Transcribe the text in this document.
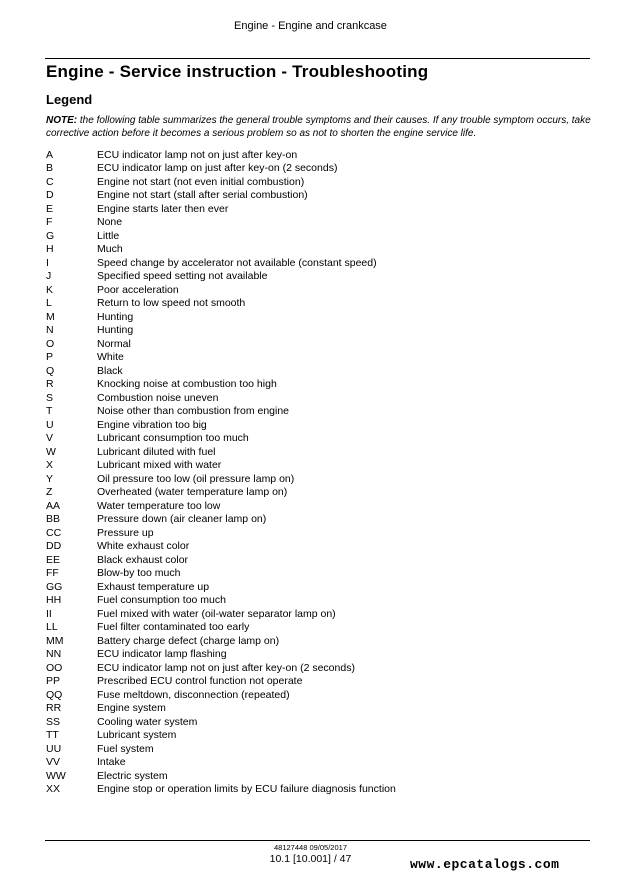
Engine - Engine and crankcase
Engine - Service instruction - Troubleshooting
Legend
NOTE: the following table summarizes the general trouble symptoms and their causes. If any trouble symptom occurs, take corrective action before it becomes a serious problem so as not to shorten the engine service life.
A	ECU indicator lamp not on just after key-on
B	ECU indicator lamp on just after key-on (2 seconds)
C	Engine not start (not even initial combustion)
D	Engine not start (stall after serial combustion)
E	Engine starts later then ever
F	None
G	Little
H	Much
I	Speed change by accelerator not available (constant speed)
J	Specified speed setting not available
K	Poor acceleration
L	Return to low speed not smooth
M	Hunting
N	Hunting
O	Normal
P	White
Q	Black
R	Knocking noise at combustion too high
S	Combustion noise uneven
T	Noise other than combustion from engine
U	Engine vibration too big
V	Lubricant consumption too much
W	Lubricant diluted with fuel
X	Lubricant mixed with water
Y	Oil pressure too low (oil pressure lamp on)
Z	Overheated (water temperature lamp on)
AA	Water temperature too low
BB	Pressure down (air cleaner lamp on)
CC	Pressure up
DD	White exhaust color
EE	Black exhaust color
FF	Blow-by too much
GG	Exhaust temperature up
HH	Fuel consumption too much
II	Fuel mixed with water (oil-water separator lamp on)
LL	Fuel filter contaminated too early
MM	Battery charge defect (charge lamp on)
NN	ECU indicator lamp flashing
OO	ECU indicator lamp not on just after key-on (2 seconds)
PP	Prescribed ECU control function not operate
QQ	Fuse meltdown, disconnection (repeated)
RR	Engine system
SS	Cooling water system
TT	Lubricant system
UU	Fuel system
VV	Intake
WW	Electric system
XX	Engine stop or operation limits by ECU failure diagnosis function
48127448 09/05/2017
10.1 [10.001] / 47	www.epcatalogs.com
